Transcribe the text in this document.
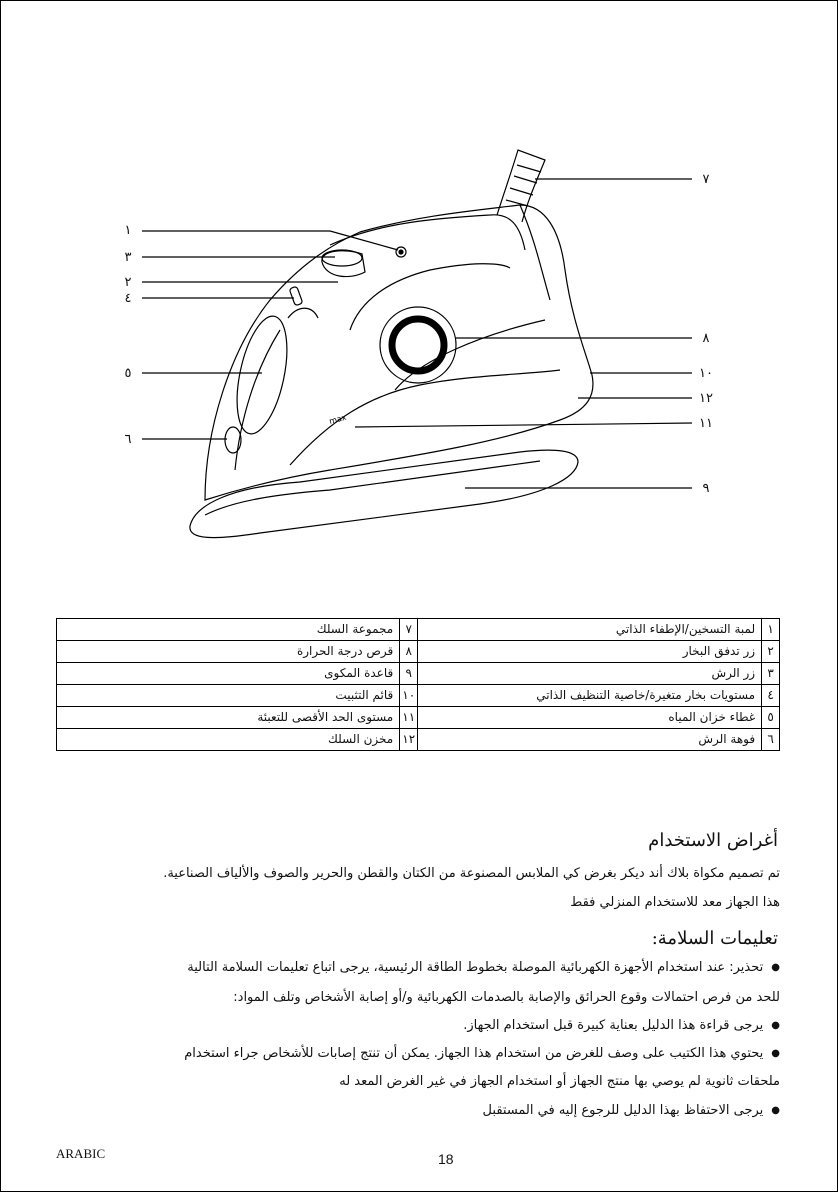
max
١
٣
٢
٤
٥
٦
٧
٨
١٠
١٢
١١
٩
١	لمبة التسخين/الإطفاء الذاتي	٧	مجموعة السلك
٢	زر تدفق البخار	٨	قرص درجة الحرارة
٣	زر الرش	٩	قاعدة المكوى
٤	مستويات بخار متغيرة/خاصية التنظيف الذاتي	١٠	قائم التثبيت
٥	غطاء خزان المياه	١١	مستوى الحد الأقصى للتعبئة
٦	فوهة الرش	١٢	مخزن السلك
أغراض الاستخدام
تم تصميم مكواة بلاك أند ديكر بغرض كي الملابس المصنوعة من الكتان والقطن والحرير والصوف والألياف الصناعية.
هذا الجهاز معد للاستخدام المنزلي فقط
تعليمات السلامة:
● تحذير: عند استخدام الأجهزة الكهربائية الموصلة بخطوط الطاقة الرئيسية، يرجى اتباع تعليمات السلامة التالية
للحد من فرص احتمالات وقوع الحرائق والإصابة بالصدمات الكهربائية و/أو إصابة الأشخاص وتلف المواد:
● يرجى قراءة هذا الدليل بعناية كبيرة قبل استخدام الجهاز.
● يحتوي هذا الكتيب على وصف للغرض من استخدام هذا الجهاز. يمكن أن تنتج إصابات للأشخاص جراء استخدام
ملحقات ثانوية لم يوصي بها منتج الجهاز أو استخدام الجهاز في غير الغرض المعد له
● يرجى الاحتفاظ بهذا الدليل للرجوع إليه في المستقبل
ARABIC	18
